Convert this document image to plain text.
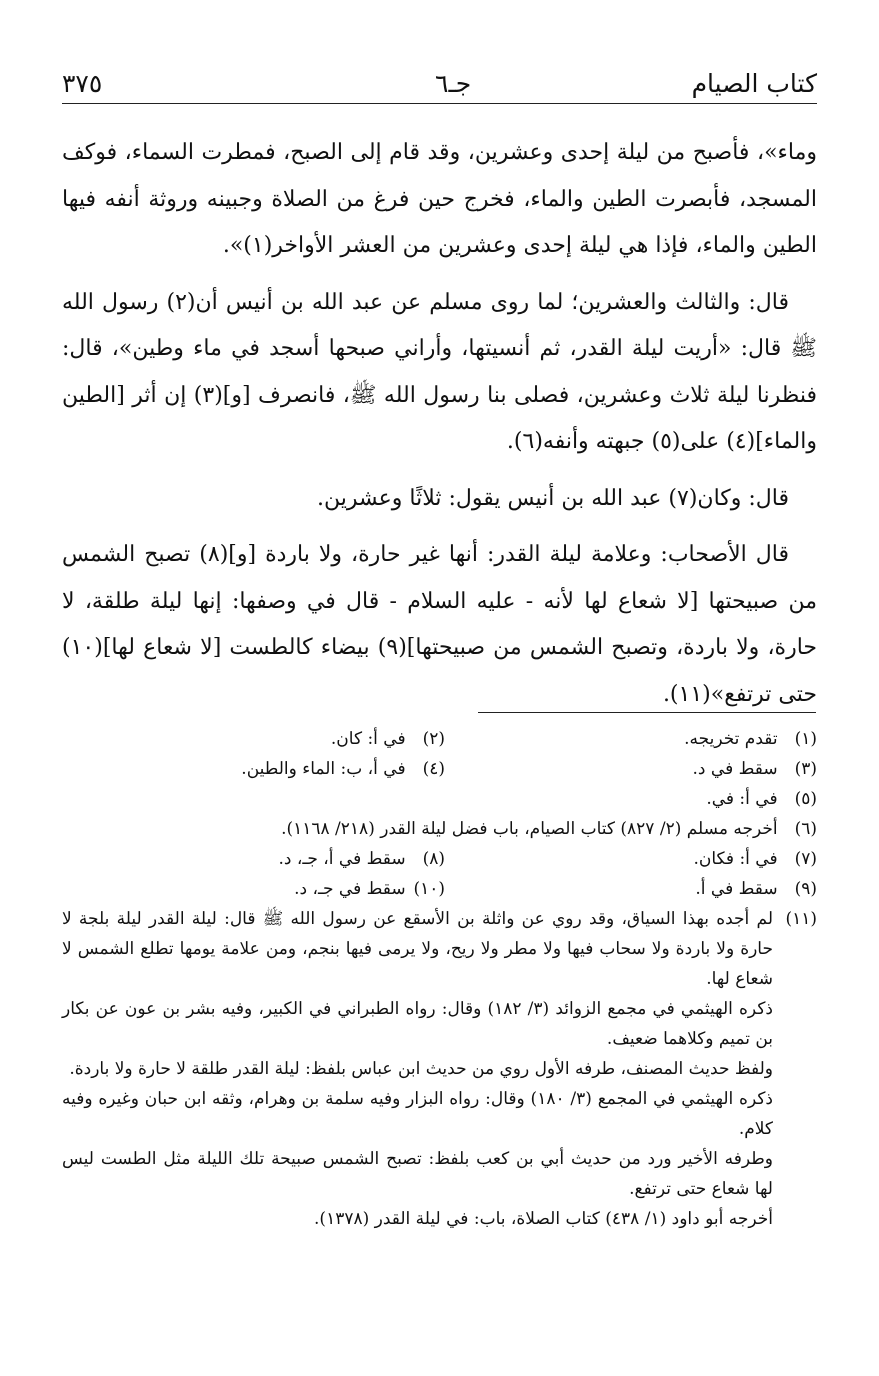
كتاب الصيام
جـ٦
٣٧٥

وماء»، فأصبح من ليلة إحدى وعشرين، وقد قام إلى الصبح، فمطرت السماء، فوكف المسجد، فأبصرت الطين والماء، فخرج حين فرغ من الصلاة وجبينه وروثة أنفه فيها الطين والماء، فإذا هي ليلة إحدى وعشرين من العشر الأواخر(١)».

قال: والثالث والعشرين؛ لما روى مسلم عن عبد الله بن أنيس أن(٢) رسول الله ﷺ قال: «أريت ليلة القدر، ثم أنسيتها، وأراني صبحها أسجد في ماء وطين»، قال: فنظرنا ليلة ثلاث وعشرين، فصلى بنا رسول الله ﷺ، فانصرف [و](٣) إن أثر [الطين والماء](٤) على(٥) جبهته وأنفه(٦).

قال: وكان(٧) عبد الله بن أنيس يقول: ثلاثًا وعشرين.

قال الأصحاب: وعلامة ليلة القدر: أنها غير حارة، ولا باردة [و](٨) تصبح الشمس من صبيحتها [لا شعاع لها لأنه - عليه السلام - قال في وصفها: إنها ليلة طلقة، لا حارة، ولا باردة، وتصبح الشمس من صبيحتها](٩) بيضاء كالطست [لا شعاع لها](١٠) حتى ترتفع»(١١).

(١) تقدم تخريجه.
(٢) في أ: كان.
(٣) سقط في د.
(٤) في أ، ب: الماء والطين.
(٥) في أ: في.
(٦) أخرجه مسلم (٢/ ٨٢٧) كتاب الصيام، باب فضل ليلة القدر (٢١٨/ ١١٦٨).
(٧) في أ: فكان.
(٨) سقط في أ، جـ، د.
(٩) سقط في أ.
(١٠) سقط في جـ، د.
(١١)
لم أجده بهذا السياق، وقد روي عن واثلة بن الأسقع عن رسول الله ﷺ قال: ليلة القدر ليلة بلجة لا حارة ولا باردة ولا سحاب فيها ولا مطر ولا ريح، ولا يرمى فيها بنجم، ومن علامة يومها تطلع الشمس لا شعاع لها.
ذكره الهيثمي في مجمع الزوائد (٣/ ١٨٢) وقال: رواه الطبراني في الكبير، وفيه بشر بن عون عن بكار بن تميم وكلاهما ضعيف.
ولفظ حديث المصنف، طرفه الأول روي من حديث ابن عباس بلفظ: ليلة القدر طلقة لا حارة ولا باردة.
ذكره الهيثمي في المجمع (٣/ ١٨٠) وقال: رواه البزار وفيه سلمة بن وهرام، وثقه ابن حبان وغيره وفيه كلام.
وطرفه الأخير ورد من حديث أبي بن كعب بلفظ: تصبح الشمس صبيحة تلك الليلة مثل الطست ليس لها شعاع حتى ترتفع.
أخرجه أبو داود (١/ ٤٣٨) كتاب الصلاة، باب: في ليلة القدر (١٣٧٨).
